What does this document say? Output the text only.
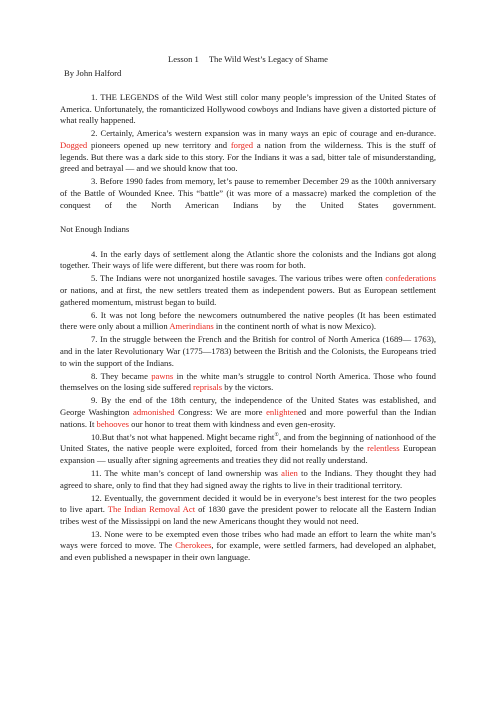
Lesson 1 The Wild West’s Legacy of Shame
By John Halford

1. THE LEGENDS of the Wild West still color many people’s impression of the United States of America. Unfortunately, the romanticized Hollywood cowboys and Indians have given a distorted picture of what really happened.

2. Certainly, America’s western expansion was in many ways an epic of courage and en-durance. Dogged pioneers opened up new territory and forged a nation from the wilderness. This is the stuff of legends. But there was a dark side to this story. For the Indians it was a sad, bitter tale of misunderstanding, greed and betrayal — and we should know that too.

3. Before 1990 fades from memory, let’s pause to remember December 29 as the 100th anniversary of the Battle of Wounded Knee. This “battle” (it was more of a massacre) marked the completion of the conquest of the North American Indians by the United States government.

Not Enough Indians

4. In the early days of settlement along the Atlantic shore the colonists and the Indians got along together. Their ways of life were different, but there was room for both.

5. The Indians were not unorganized hostile savages. The various tribes were often confederations or nations, and at first, the new settlers treated them as independent powers. But as European settlement gathered momentum, mistrust began to build.

6. It was not long before the newcomers outnumbered the native peoples (It has been estimated there were only about a million Amerindians in the continent north of what is now Mexico).

7. In the struggle between the French and the British for control of North America (1689— 1763), and in the later Revolutionary War (1775—1783) between the British and the Colonists, the Europeans tried to win the support of the Indians.

8. They became pawns in the white man’s struggle to control North America. Those who found themselves on the losing side suffered reprisals by the victors.

9. By the end of the 18th century, the independence of the United States was established, and George Washington admonished Congress: We are more enlightened and more powerful than the Indian nations. It behooves our honor to treat them with kindness and even gen-erosity.

10.But that’s not what happened. Might became right①, and from the beginning of nationhood of the United States, the native people were exploited, forced from their homelands by the relentless European expansion — usually after signing agreements and treaties they did not really understand.

11. The white man’s concept of land ownership was alien to the Indians. They thought they had agreed to share, only to find that they had signed away the rights to live in their traditional territory.

12. Eventually, the government decided it would be in everyone’s best interest for the two peoples to live apart. The Indian Removal Act of 1830 gave the president power to relocate all the Eastern Indian tribes west of the Mississippi on land the new Americans thought they would not need.

13. None were to be exempted even those tribes who had made an effort to learn the white man’s ways were forced to move. The Cherokees, for example, were settled farmers, had developed an alphabet, and even published a newspaper in their own language.
